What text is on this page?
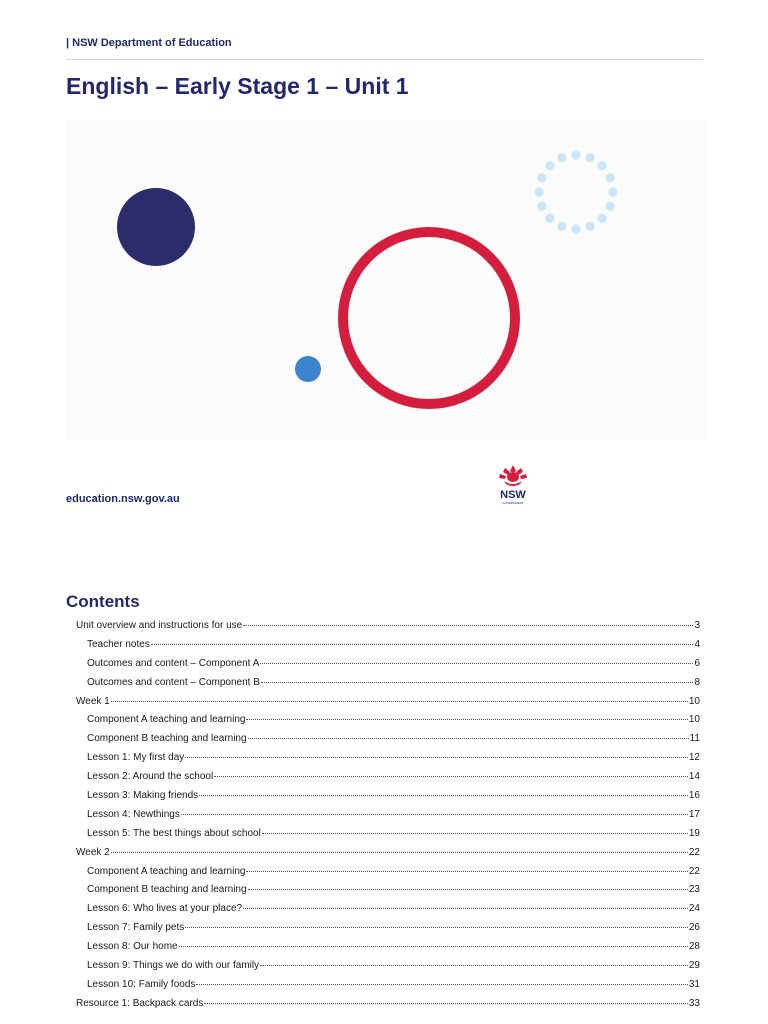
| NSW Department of Education
English – Early Stage 1 – Unit 1
education.nsw.gov.au	NSW
GOVERNMENT
Contents
Unit overview and instructions for use	3
Teacher notes	4
Outcomes and content – Component A	6
Outcomes and content – Component B	8
Week 1	10
Component A teaching and learning	10
Component B teaching and learning	11
Lesson 1: My first day	12
Lesson 2: Around the school	14
Lesson 3: Making friends	16
Lesson 4: Newthings	17
Lesson 5: The best things about school	19
Week 2	22
Component A teaching and learning	22
Component B teaching and learning	23
Lesson 6: Who lives at your place?	24
Lesson 7: Family pets	26
Lesson 8: Our home	28
Lesson 9: Things we do with our family	29
Lesson 10: Family foods	31
Resource 1: Backpack cards	33
